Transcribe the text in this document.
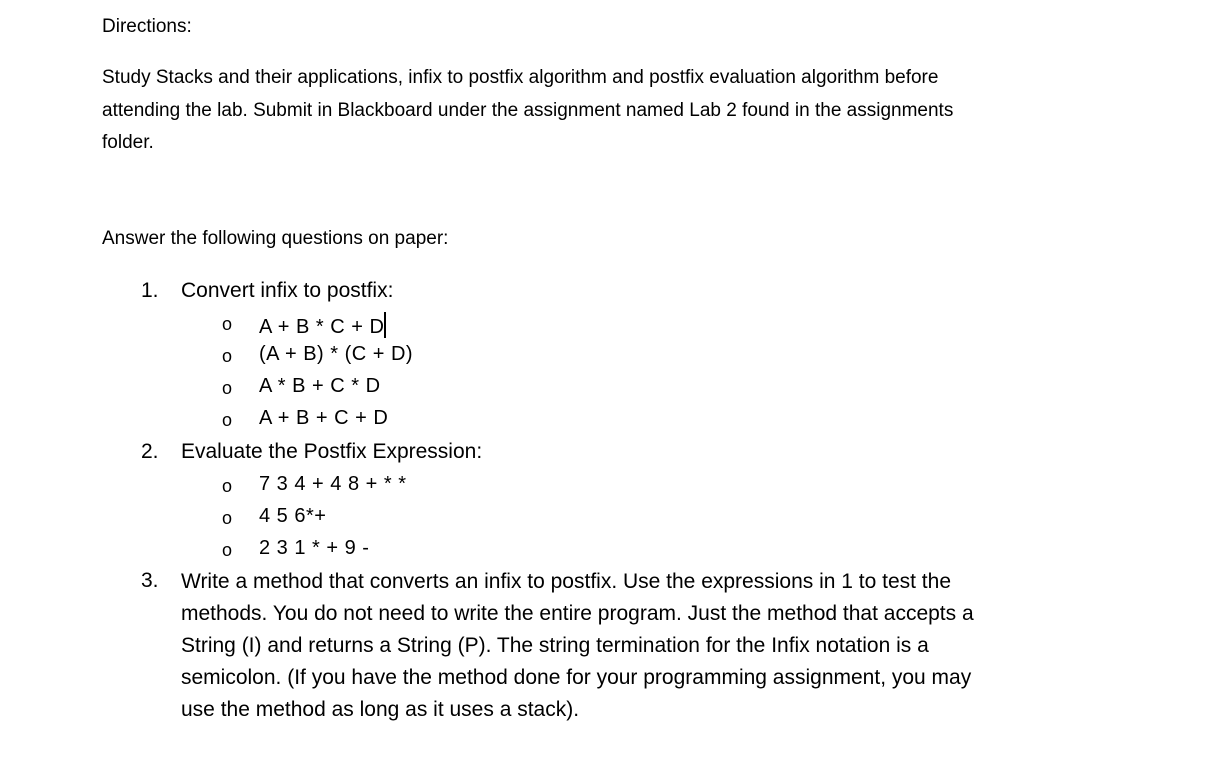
Directions:
Study Stacks and their applications, infix to postfix algorithm and postfix evaluation algorithm before
attending the lab. Submit in Blackboard under the assignment named Lab 2 found in the assignments
folder.
Answer the following questions on paper:
1. Convert infix to postfix:
o A + B * C + D
o (A + B) * (C + D)
o A * B + C * D
o A + B + C + D
2. Evaluate the Postfix Expression:
o 7 3 4 + 4 8 + * *
o 4 5 6*+
o 2 3 1 * + 9 -
3. Write a method that converts an infix to postfix. Use the expressions in 1 to test the
methods. You do not need to write the entire program. Just the method that accepts a
String (I) and returns a String (P). The string termination for the Infix notation is a
semicolon. (If you have the method done for your programming assignment, you may
use the method as long as it uses a stack).
